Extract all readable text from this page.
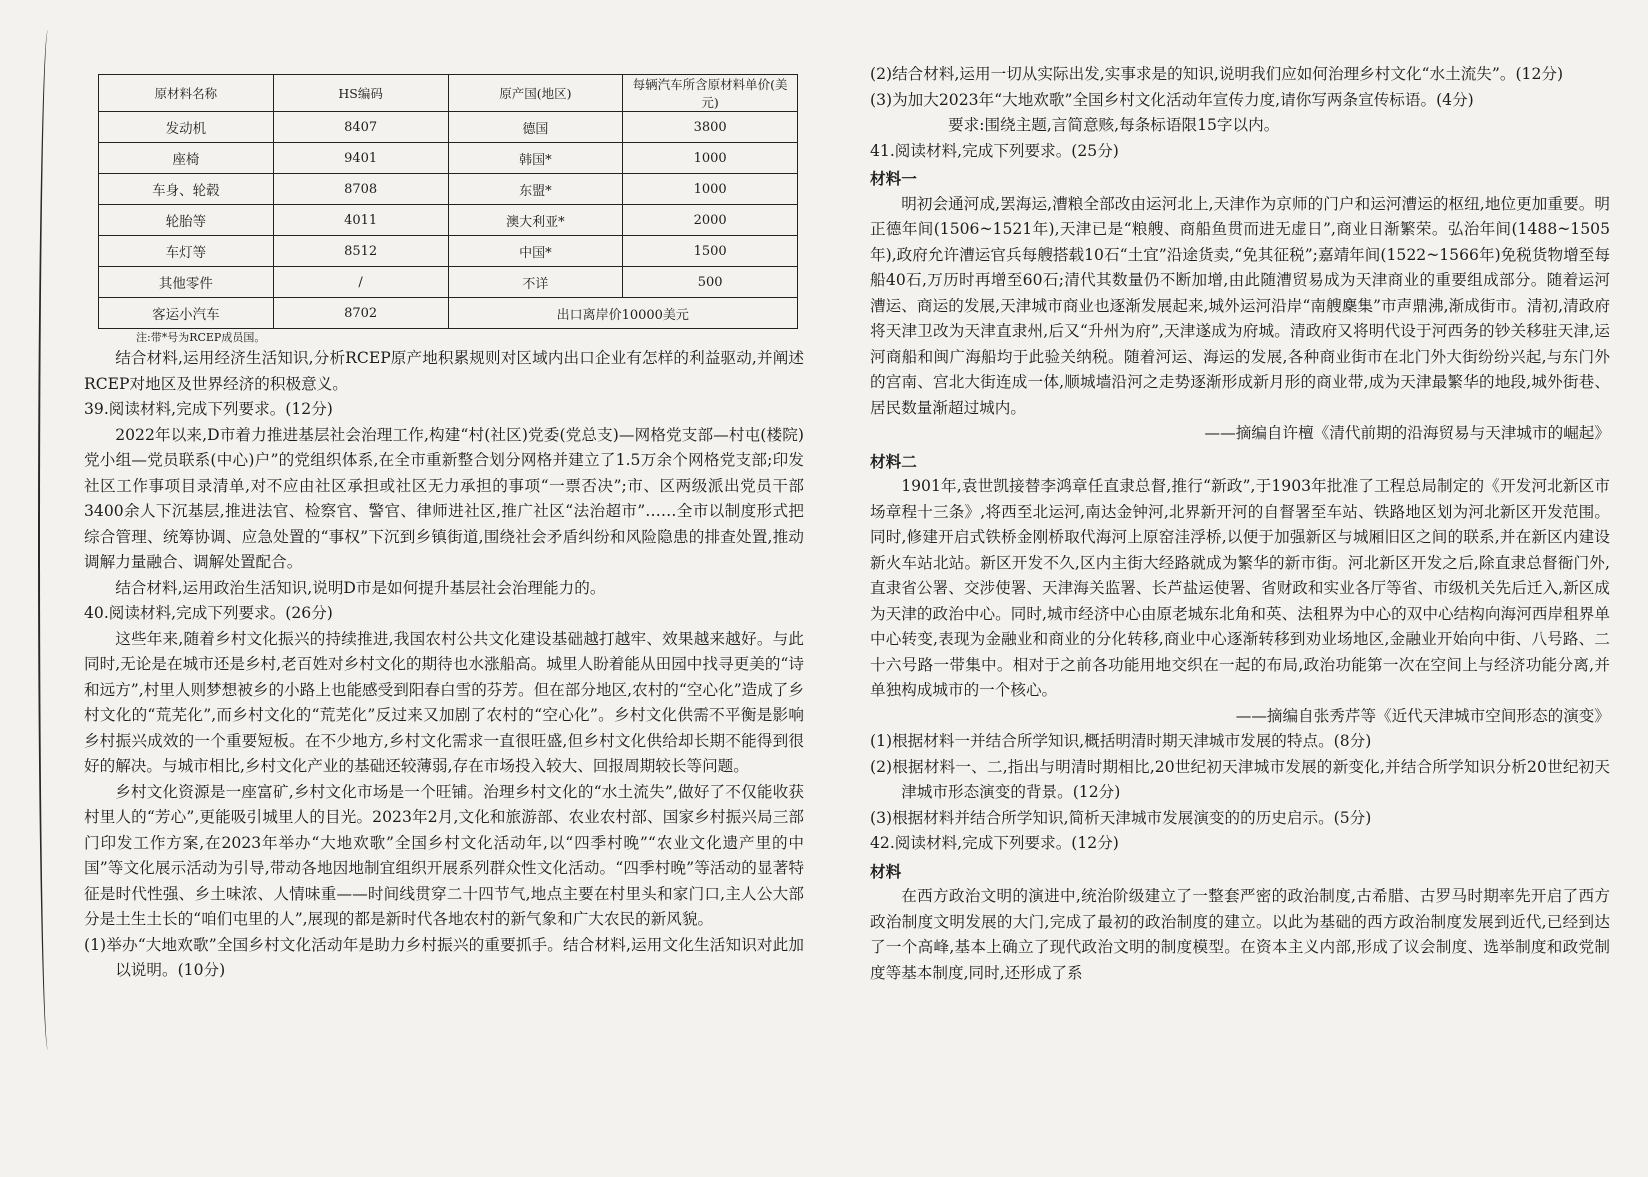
原材料名称	HS编码	原产国(地区)	每辆汽车所含原材料单价(美元)
发动机	8407	德国	3800
座椅	9401	韩国*	1000
车身、轮毂	8708	东盟*	1000
轮胎等	4011	澳大利亚*	2000
车灯等	8512	中国*	1500
其他零件	/	不详	500
客运小汽车	8702	出口离岸价10000美元	
注:带*号为RCEP成员国。

结合材料,运用经济生活知识,分析RCEP原产地积累规则对区域内出口企业有怎样的利益驱动,并阐述RCEP对地区及世界经济的积极意义。

39.阅读材料,完成下列要求。(12分)

2022年以来,D市着力推进基层社会治理工作,构建“村(社区)党委(党总支)—网格党支部—村屯(楼院)党小组—党员联系(中心)户”的党组织体系,在全市重新整合划分网格并建立了1.5万余个网格党支部;印发社区工作事项目录清单,对不应由社区承担或社区无力承担的事项“一票否决”;市、区两级派出党员干部3400余人下沉基层,推进法官、检察官、警官、律师进社区,推广社区“法治超市”……全市以制度形式把综合管理、统筹协调、应急处置的“事权”下沉到乡镇街道,围绕社会矛盾纠纷和风险隐患的排查处置,推动调解力量融合、调解处置配合。

结合材料,运用政治生活知识,说明D市是如何提升基层社会治理能力的。

40.阅读材料,完成下列要求。(26分)

这些年来,随着乡村文化振兴的持续推进,我国农村公共文化建设基础越打越牢、效果越来越好。与此同时,无论是在城市还是乡村,老百姓对乡村文化的期待也水涨船高。城里人盼着能从田园中找寻更美的“诗和远方”,村里人则梦想被乡的小路上也能感受到阳春白雪的芬芳。但在部分地区,农村的“空心化”造成了乡村文化的“荒芜化”,而乡村文化的“荒芜化”反过来又加剧了农村的“空心化”。乡村文化供需不平衡是影响乡村振兴成效的一个重要短板。在不少地方,乡村文化需求一直很旺盛,但乡村文化供给却长期不能得到很好的解决。与城市相比,乡村文化产业的基础还较薄弱,存在市场投入较大、回报周期较长等问题。

乡村文化资源是一座富矿,乡村文化市场是一个旺铺。治理乡村文化的“水土流失”,做好了不仅能收获村里人的“芳心”,更能吸引城里人的目光。2023年2月,文化和旅游部、农业农村部、国家乡村振兴局三部门印发工作方案,在2023年举办“大地欢歌”全国乡村文化活动年,以“四季村晚”“农业文化遗产里的中国”等文化展示活动为引导,带动各地因地制宜组织开展系列群众性文化活动。“四季村晚”等活动的显著特征是时代性强、乡土味浓、人情味重——时间线贯穿二十四节气,地点主要在村里头和家门口,主人公大部分是土生土长的“咱们屯里的人”,展现的都是新时代各地农村的新气象和广大农民的新风貌。

(1)举办“大地欢歌”全国乡村文化活动年是助力乡村振兴的重要抓手。结合材料,运用文化生活知识对此加以说明。(10分)

(2)结合材料,运用一切从实际出发,实事求是的知识,说明我们应如何治理乡村文化“水土流失”。(12分)

(3)为加大2023年“大地欢歌”全国乡村文化活动年宣传力度,请你写两条宣传标语。(4分)

要求:围绕主题,言简意赅,每条标语限15字以内。

41.阅读材料,完成下列要求。(25分)

材料一

明初会通河成,罢海运,漕粮全部改由运河北上,天津作为京师的门户和运河漕运的枢纽,地位更加重要。明正德年间(1506~1521年),天津已是“粮艘、商船鱼贯而进无虚日”,商业日渐繁荣。弘治年间(1488~1505年),政府允许漕运官兵每艘搭载10石“土宜”沿途货卖,“免其征税”;嘉靖年间(1522~1566年)免税货物增至每船40石,万历时再增至60石;清代其数量仍不断加增,由此随漕贸易成为天津商业的重要组成部分。随着运河漕运、商运的发展,天津城市商业也逐渐发展起来,城外运河沿岸“南艘麇集”市声鼎沸,渐成街市。清初,清政府将天津卫改为天津直隶州,后又“升州为府”,天津遂成为府城。清政府又将明代设于河西务的钞关移驻天津,运河商船和闽广海船均于此验关纳税。随着河运、海运的发展,各种商业街市在北门外大街纷纷兴起,与东门外的宫南、宫北大街连成一体,顺城墙沿河之走势逐渐形成新月形的商业带,成为天津最繁华的地段,城外街巷、居民数量渐超过城内。

——摘编自许檀《清代前期的沿海贸易与天津城市的崛起》

材料二

1901年,袁世凯接替李鸿章任直隶总督,推行“新政”,于1903年批准了工程总局制定的《开发河北新区市场章程十三条》,将西至北运河,南达金钟河,北界新开河的自督署至车站、铁路地区划为河北新区开发范围。同时,修建开启式铁桥金刚桥取代海河上原窑洼浮桥,以便于加强新区与城厢旧区之间的联系,并在新区内建设新火车站北站。新区开发不久,区内主街大经路就成为繁华的新市街。河北新区开发之后,除直隶总督衙门外,直隶省公署、交涉使署、天津海关监署、长芦盐运使署、省财政和实业各厅等省、市级机关先后迁入,新区成为天津的政治中心。同时,城市经济中心由原老城东北角和英、法租界为中心的双中心结构向海河西岸租界单中心转变,表现为金融业和商业的分化转移,商业中心逐渐转移到劝业场地区,金融业开始向中街、八号路、二十六号路一带集中。相对于之前各功能用地交织在一起的布局,政治功能第一次在空间上与经济功能分离,并单独构成城市的一个核心。

——摘编自张秀芹等《近代天津城市空间形态的演变》

(1)根据材料一并结合所学知识,概括明清时期天津城市发展的特点。(8分)

(2)根据材料一、二,指出与明清时期相比,20世纪初天津城市发展的新变化,并结合所学知识分析20世纪初天津城市形态演变的背景。(12分)

(3)根据材料并结合所学知识,简析天津城市发展演变的的历史启示。(5分)

42.阅读材料,完成下列要求。(12分)

材料

在西方政治文明的演进中,统治阶级建立了一整套严密的政治制度,古希腊、古罗马时期率先开启了西方政治制度文明发展的大门,完成了最初的政治制度的建立。以此为基础的西方政治制度发展到近代,已经到达了一个高峰,基本上确立了现代政治文明的制度模型。在资本主义内部,形成了议会制度、选举制度和政党制度等基本制度,同时,还形成了系
